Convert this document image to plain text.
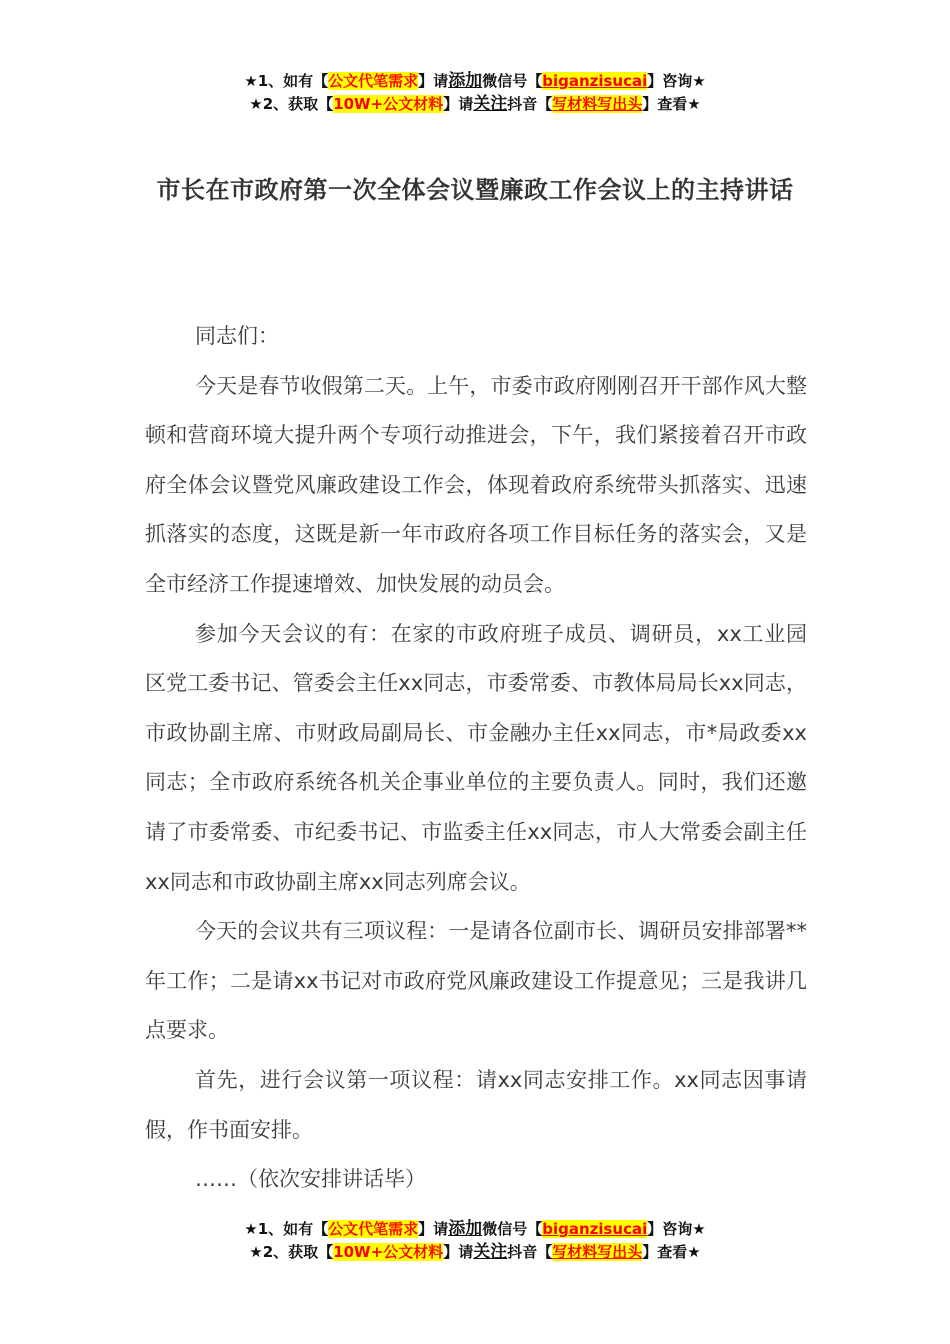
★1、如有【公文代笔需求】请添加微信号【biganzisucai】咨询★
★2、获取【10W+公文材料】请关注抖音【写材料写出头】查看★
市长在市政府第一次全体会议暨廉政工作会议上的主持讲话

同志们：

今天是春节收假第二天。上午，市委市政府刚刚召开干部作风大整顿和营商环境大提升两个专项行动推进会，下午，我们紧接着召开市政府全体会议暨党风廉政建设工作会，体现着政府系统带头抓落实、迅速抓落实的态度，这既是新一年市政府各项工作目标任务的落实会，又是全市经济工作提速增效、加快发展的动员会。

参加今天会议的有：在家的市政府班子成员、调研员，xx工业园区党工委书记、管委会主任xx同志，市委常委、市教体局局长xx同志，市政协副主席、市财政局副局长、市金融办主任xx同志，市*局政委xx同志；全市政府系统各机关企事业单位的主要负责人。同时，我们还邀请了市委常委、市纪委书记、市监委主任xx同志，市人大常委会副主任xx同志和市政协副主席xx同志列席会议。

今天的会议共有三项议程：一是请各位副市长、调研员安排部署**年工作；二是请xx书记对市政府党风廉政建设工作提意见；三是我讲几点要求。

首先，进行会议第一项议程：请xx同志安排工作。xx同志因事请假，作书面安排。

……（依次安排讲话毕）

★1、如有【公文代笔需求】请添加微信号【biganzisucai】咨询★
★2、获取【10W+公文材料】请关注抖音【写材料写出头】查看★
